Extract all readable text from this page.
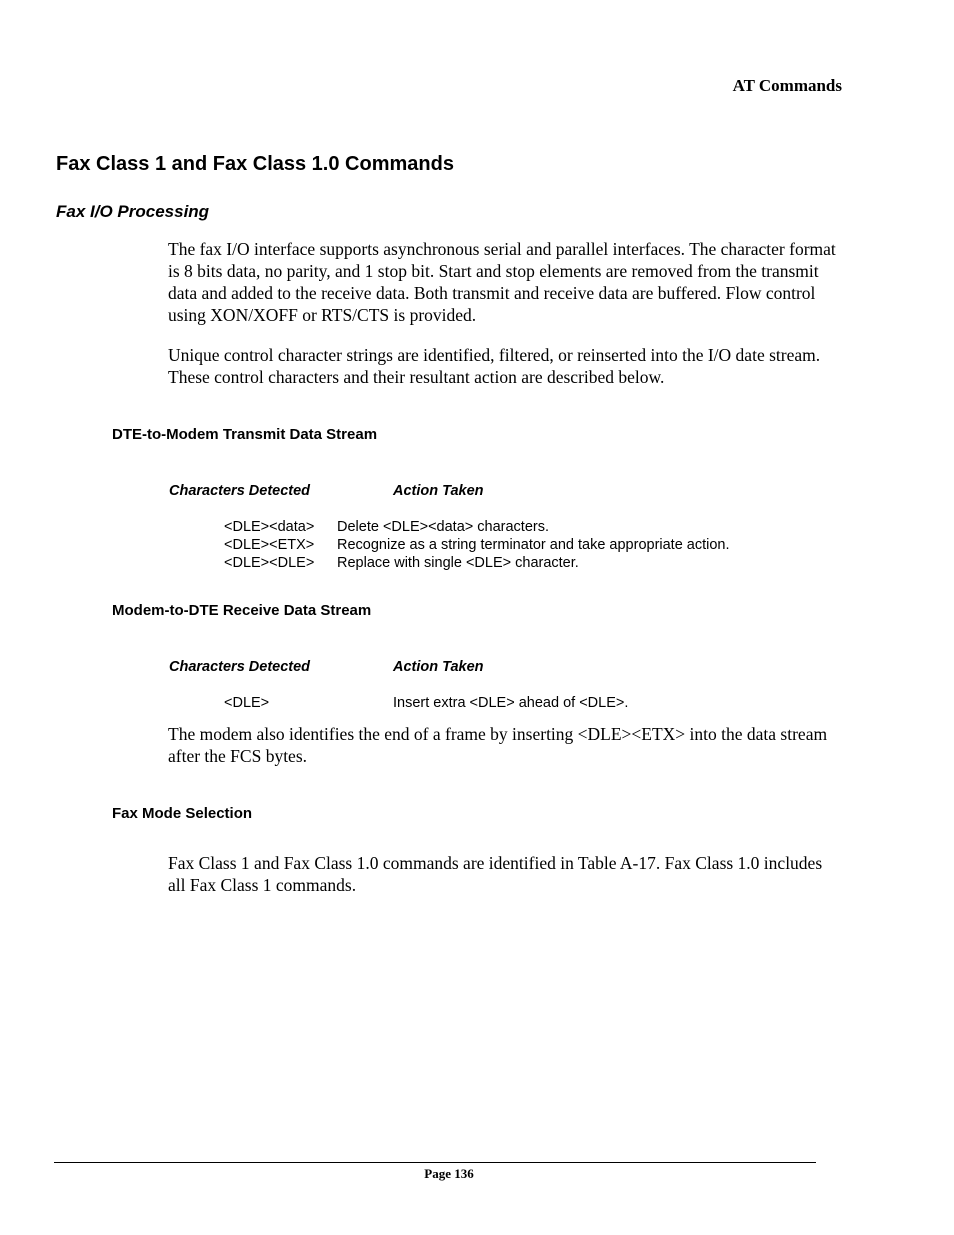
AT Commands
Fax Class 1 and Fax Class 1.0 Commands
Fax I/O Processing

The fax I/O interface supports asynchronous serial and parallel interfaces. The character format is 8 bits data, no parity, and 1 stop bit. Start and stop elements are removed from the transmit data and added to the receive data. Both transmit and receive data are buffered. Flow control using XON/XOFF or RTS/CTS is provided.

Unique control character strings are identified, filtered, or reinserted into the I/O date stream. These control characters and their resultant action are described below.

DTE-to-Modem Transmit Data Stream
Characters Detected	Action Taken
<DLE><data> Delete <DLE><data> characters.
<DLE><ETX> Recognize as a string terminator and take appropriate action.
<DLE><DLE> Replace with single <DLE> character.
Modem-to-DTE Receive Data Stream
Characters Detected	Action Taken
<DLE>	Insert extra <DLE> ahead of <DLE>.

The modem also identifies the end of a frame by inserting <DLE><ETX> into the data stream after the FCS bytes.

Fax Mode Selection

Fax Class 1 and Fax Class 1.0 commands are identified in Table A-17. Fax Class 1.0 includes all Fax Class 1 commands.

Page 136
